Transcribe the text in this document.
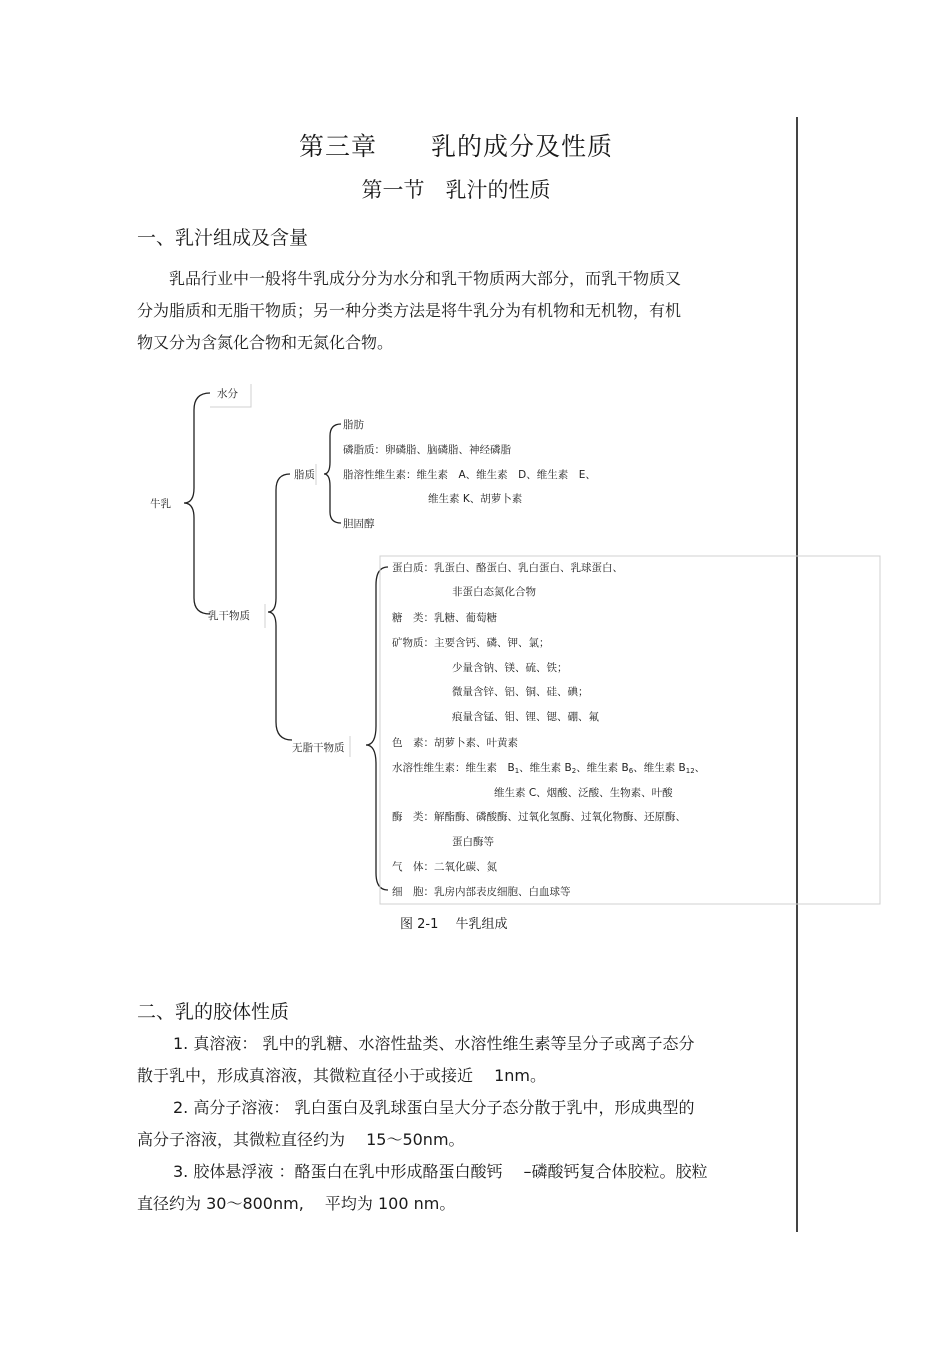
第三章 乳的成分及性质
第一节　乳汁的性质
一、乳汁组成及含量

乳品行业中一般将牛乳成分分为水分和乳干物质两大部分，而乳干物质又

分为脂质和无脂干物质；另一种分类方法是将牛乳分为有机物和无机物，有机

物又分为含氮化合物和无氮化合物。

牛乳
水分
乳干物质
脂质
无脂干物质
脂肪
磷脂质：卵磷脂、脑磷脂、神经磷脂
脂溶性维生素：维生素　A、维生素　D、维生素　E、
维生素 K、胡萝卜素
胆固醇
蛋白质：乳蛋白、酪蛋白、乳白蛋白、乳球蛋白、
非蛋白态氮化合物
糖　类：乳糖、葡萄糖
矿物质：主要含钙、磷、钾、氯；
少量含钠、镁、硫、铁；
微量含锌、铝、铜、硅、碘；
痕量含锰、钼、锂、锶、硼、氟
色　素：胡萝卜素、叶黄素
水溶性维生素：维生素　$B_1$、维生素 $B_2$、维生素 $B_6$、维生素 $B_{12}$、
维生素 C、烟酸、泛酸、生物素、叶酸
酶　类：解酯酶、磷酸酶、过氧化氢酶、过氧化物酶、还原酶、
蛋白酶等
气　体：二氧化碳、氮
细　胞：乳房内部表皮细胞、白血球等
图 2-1　 牛乳组成
二、乳的胶体性质

1. 真溶液： 乳中的乳糖、水溶性盐类、水溶性维生素等呈分子或离子态分

散于乳中，形成真溶液，其微粒直径小于或接近　 1nm。

2. 高分子溶液： 乳白蛋白及乳球蛋白呈大分子态分散于乳中，形成典型的

高分子溶液，其微粒直径约为　 15～50nm。

3. 胶体悬浮液 ：酪蛋白在乳中形成酪蛋白酸钙　 –磷酸钙复合体胶粒。胶粒

直径约为 30～800nm,　 平均为 100 nm。
